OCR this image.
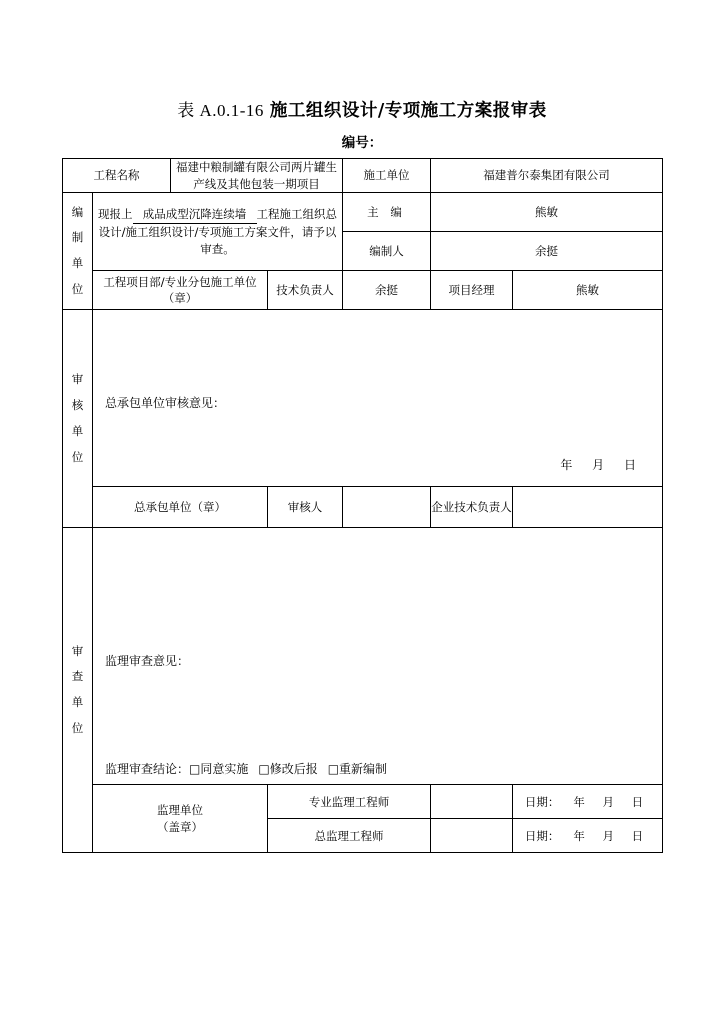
表 A.0.1-16 施工组织设计/专项施工方案报审表
编号：
工程名称		福建中粮制罐有限公司两片罐生产线及其他包装一期项目		施工单位	福建普尔泰集团有限公司	

编
制
单
位	现报上 成品成型沉降连续墙 工程施工组织总设计/施工组织设计/专项施工方案文件，请予以审查。			主 编	熊敏	
				编制人	余挺	
	工程项目部/专业分包施工单位（章）		技术负责人	余挺	项目经理	熊敏

审
核
单
位

总承包单位审核意见：
年 月 日

	总承包单位（章）		审核人		企业技术负责人	

审
查
单
位

监理审查意见：
监理审查结论：□同意实施 □修改后报 □重新编制

	监理单位
（盖章）		专业监理工程师			日期： 年 月 日
			总监理工程师			日期： 年 月 日
